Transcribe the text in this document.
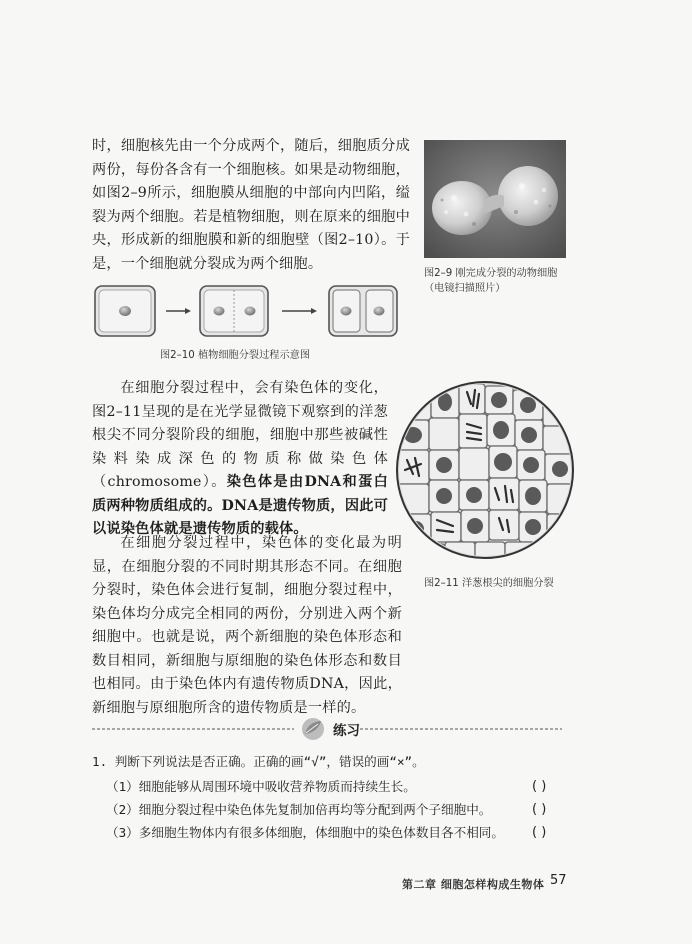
时，细胞核先由一个分成两个，随后，细胞质分成两份，每份各含有一个细胞核。如果是动物细胞，如图2–9所示，细胞膜从细胞的中部向内凹陷，缢裂为两个细胞。若是植物细胞，则在原来的细胞中央，形成新的细胞膜和新的细胞壁（图2–10）。于是，一个细胞就分裂成为两个细胞。

图2–9 刚完成分裂的动物细胞
（电镜扫描照片）
图2–10 植物细胞分裂过程示意图

在细胞分裂过程中，会有染色体的变化，图2–11呈现的是在光学显微镜下观察到的洋葱根尖不同分裂阶段的细胞，细胞中那些被碱性染料染成深色的物质称做染色体（chromosome）。染色体是由DNA和蛋白质两种物质组成的。DNA是遗传物质，因此可以说染色体就是遗传物质的载体。

图2–11 洋葱根尖的细胞分裂

在细胞分裂过程中，染色体的变化最为明显，在细胞分裂的不同时期其形态不同。在细胞分裂时，染色体会进行复制，细胞分裂过程中，染色体均分成完全相同的两份，分别进入两个新细胞中。也就是说，两个新细胞的染色体形态和数目相同，新细胞与原细胞的染色体形态和数目也相同。由于染色体内有遗传物质DNA，因此，新细胞与原细胞所含的遗传物质是一样的。

练习
1. 判断下列说法是否正确。正确的画“√”，错误的画“×”。
（1）细胞能够从周围环境中吸收营养物质而持续生长。
（2）细胞分裂过程中染色体先复制加倍再均等分配到两个子细胞中。
（3）多细胞生物体内有很多体细胞，体细胞中的染色体数目各不相同。
( )
( )
( )
第二章 细胞怎样构成生物体 57
